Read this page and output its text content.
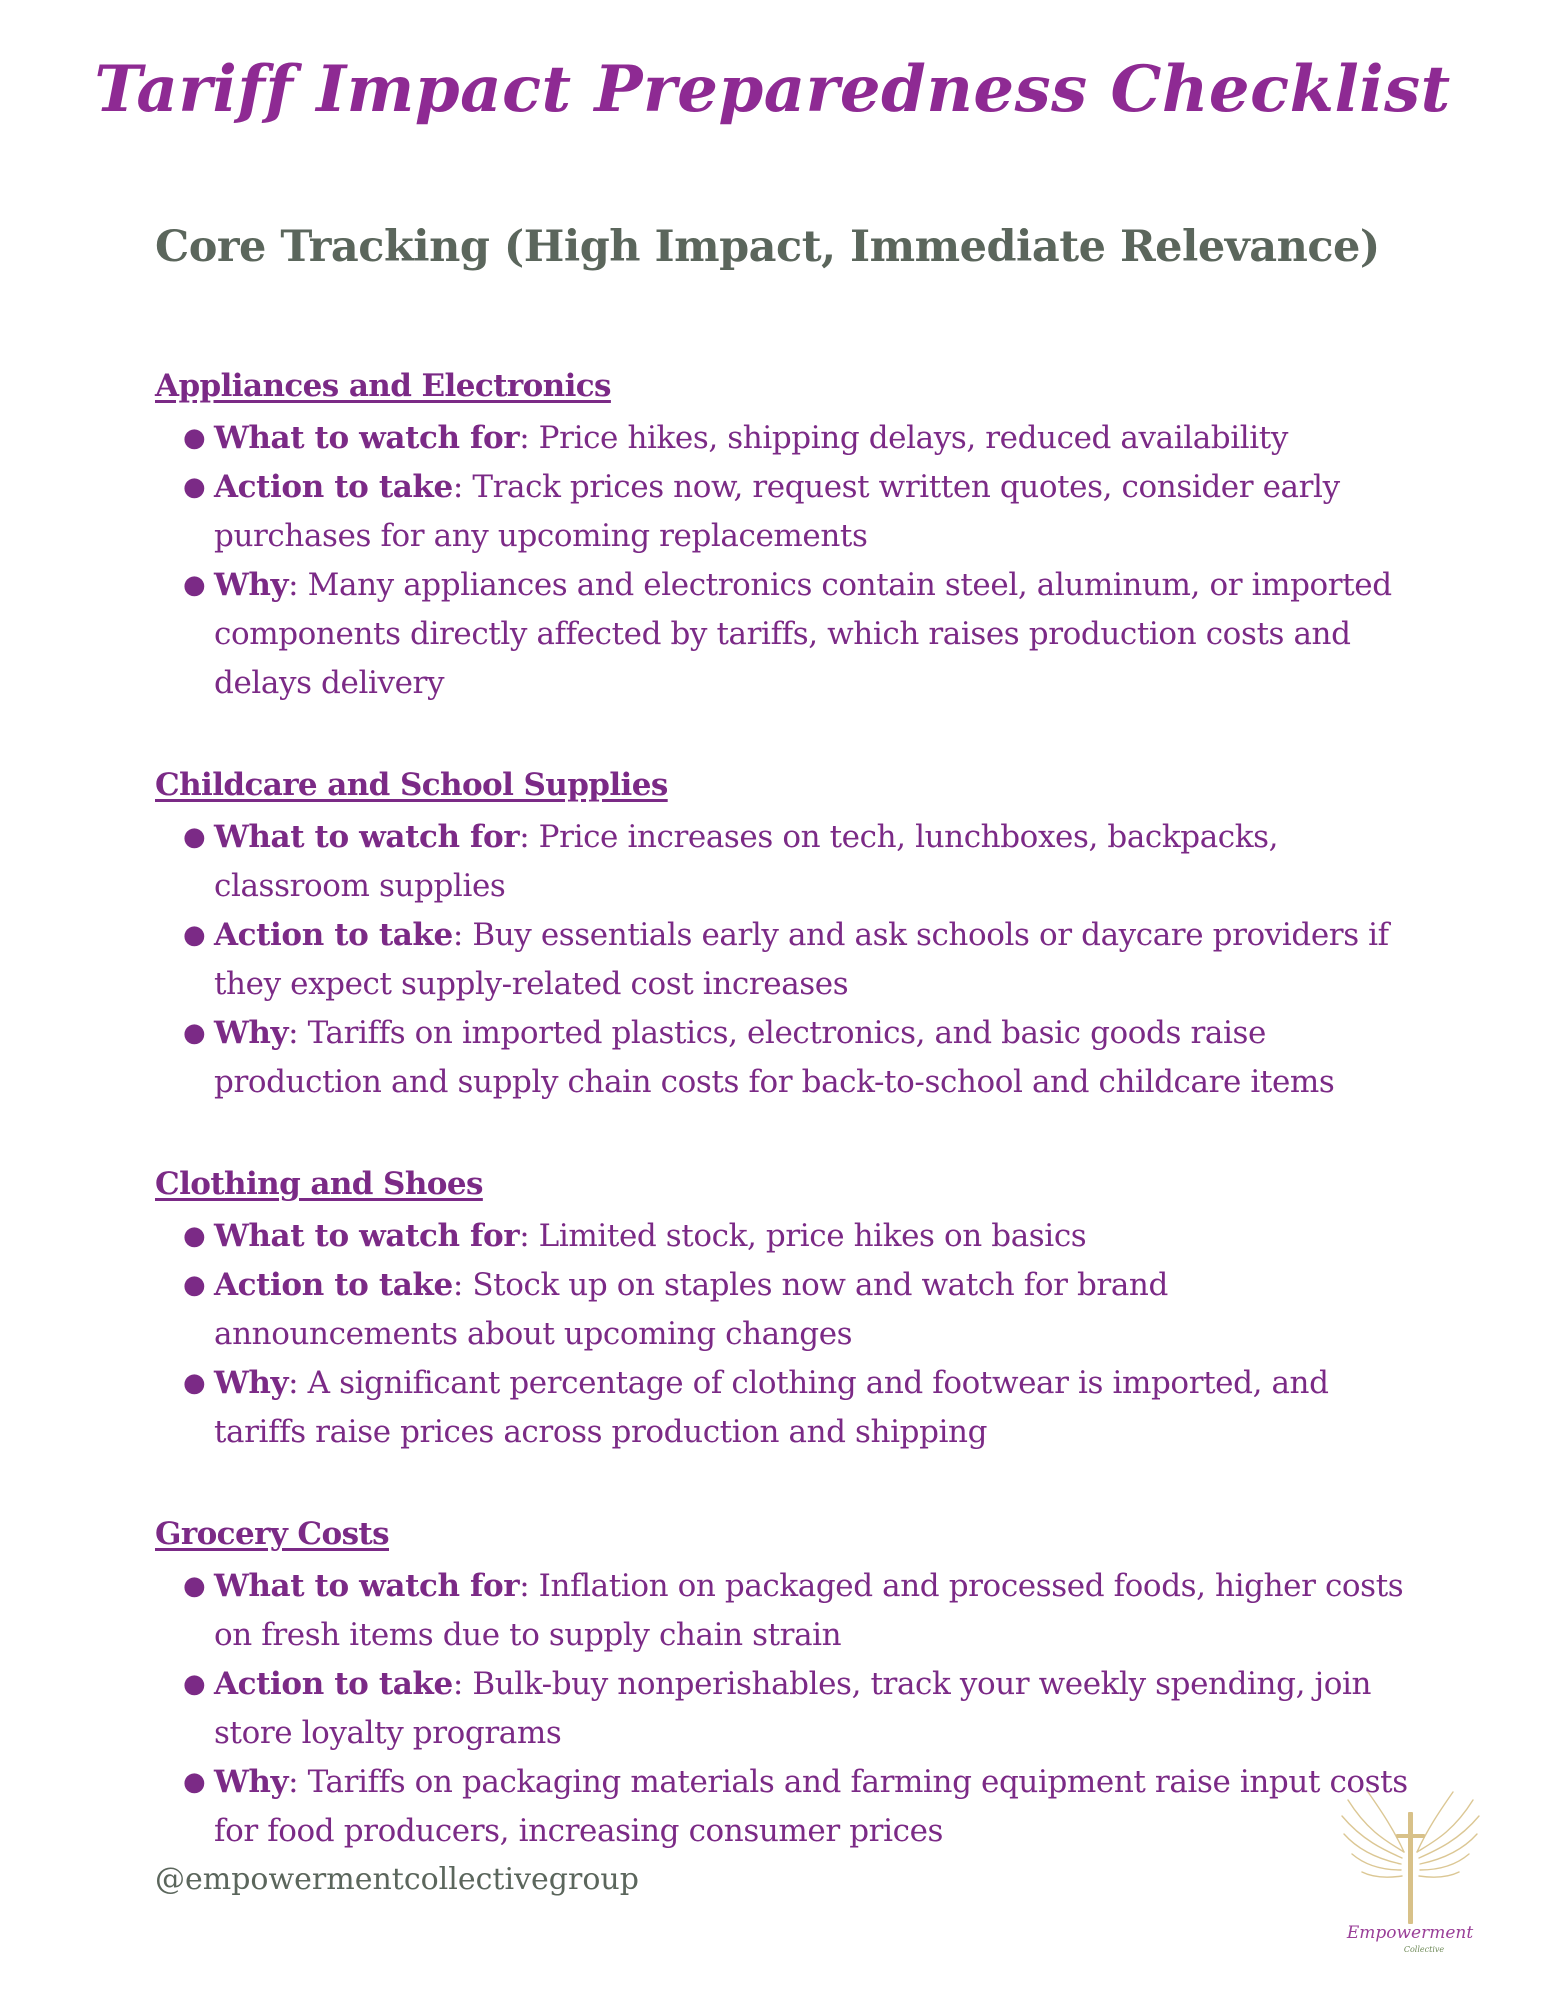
Tariff Impact Preparedness Checklist
Core Tracking (High Impact, Immediate Relevance)
Appliances and Electronics
● What to watch for: Price hikes, shipping delays, reduced availability
● Action to take: Track prices now, request written quotes, consider early purchases for any upcoming replacements
● Why: Many appliances and electronics contain steel, aluminum, or imported components directly affected by tariffs, which raises production costs and delays delivery
Childcare and School Supplies
● What to watch for: Price increases on tech, lunchboxes, backpacks, classroom supplies
● Action to take: Buy essentials early and ask schools or daycare providers if they expect supply-related cost increases
● Why: Tariffs on imported plastics, electronics, and basic goods raise production and supply chain costs for back-to-school and childcare items
Clothing and Shoes
● What to watch for: Limited stock, price hikes on basics
● Action to take: Stock up on staples now and watch for brand announcements about upcoming changes
● Why: A significant percentage of clothing and footwear is imported, and tariffs raise prices across production and shipping
Grocery Costs
● What to watch for: Inflation on packaged and processed foods, higher costs on fresh items due to supply chain strain
● Action to take: Bulk-buy nonperishables, track your weekly spending, join store loyalty programs
● Why: Tariffs on packaging materials and farming equipment raise input costs for food producers, increasing consumer prices

@empowermentcollectivegroup

Empowerment
Collective
